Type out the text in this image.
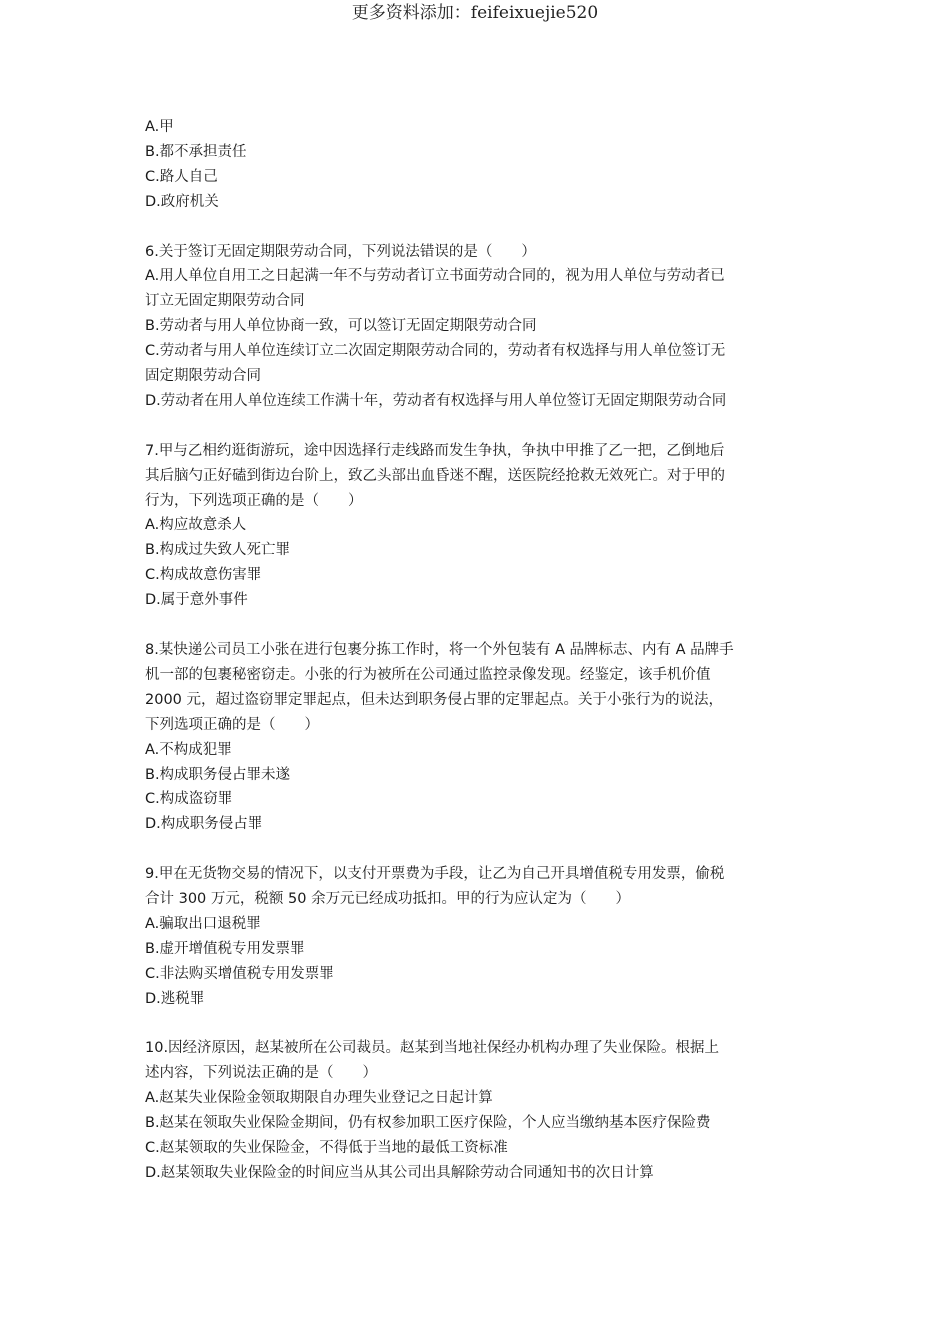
更多资料添加：feifeixuejie520
A.甲
B.都不承担责任
C.路人自己
D.政府机关
6.关于签订无固定期限劳动合同，下列说法错误的是（　　）
A.用人单位自用工之日起满一年不与劳动者订立书面劳动合同的，视为用人单位与劳动者已
订立无固定期限劳动合同
B.劳动者与用人单位协商一致，可以签订无固定期限劳动合同
C.劳动者与用人单位连续订立二次固定期限劳动合同的，劳动者有权选择与用人单位签订无
固定期限劳动合同
D.劳动者在用人单位连续工作满十年，劳动者有权选择与用人单位签订无固定期限劳动合同
7.甲与乙相约逛街游玩，途中因选择行走线路而发生争执，争执中甲推了乙一把，乙倒地后
其后脑勺正好磕到街边台阶上，致乙头部出血昏迷不醒，送医院经抢救无效死亡。对于甲的
行为，下列选项正确的是（　　）
A.构应故意杀人
B.构成过失致人死亡罪
C.构成故意伤害罪
D.属于意外事件
8.某快递公司员工小张在进行包裹分拣工作时，将一个外包装有 A 品牌标志、内有 A 品牌手
机一部的包裹秘密窃走。小张的行为被所在公司通过监控录像发现。经鉴定，该手机价值
2000 元，超过盗窃罪定罪起点，但未达到职务侵占罪的定罪起点。关于小张行为的说法，
下列选项正确的是（　　）
A.不构成犯罪
B.构成职务侵占罪未遂
C.构成盗窃罪
D.构成职务侵占罪
9.甲在无货物交易的情况下，以支付开票费为手段，让乙为自己开具增值税专用发票，偷税
合计 300 万元，税额 50 余万元已经成功抵扣。甲的行为应认定为（　　）
A.骗取出口退税罪
B.虚开增值税专用发票罪
C.非法购买增值税专用发票罪
D.逃税罪
10.因经济原因，赵某被所在公司裁员。赵某到当地社保经办机构办理了失业保险。根据上
述内容，下列说法正确的是（　　）
A.赵某失业保险金领取期限自办理失业登记之日起计算
B.赵某在领取失业保险金期间，仍有权参加职工医疗保险，个人应当缴纳基本医疗保险费
C.赵某领取的失业保险金，不得低于当地的最低工资标准
D.赵某领取失业保险金的时间应当从其公司出具解除劳动合同通知书的次日计算
